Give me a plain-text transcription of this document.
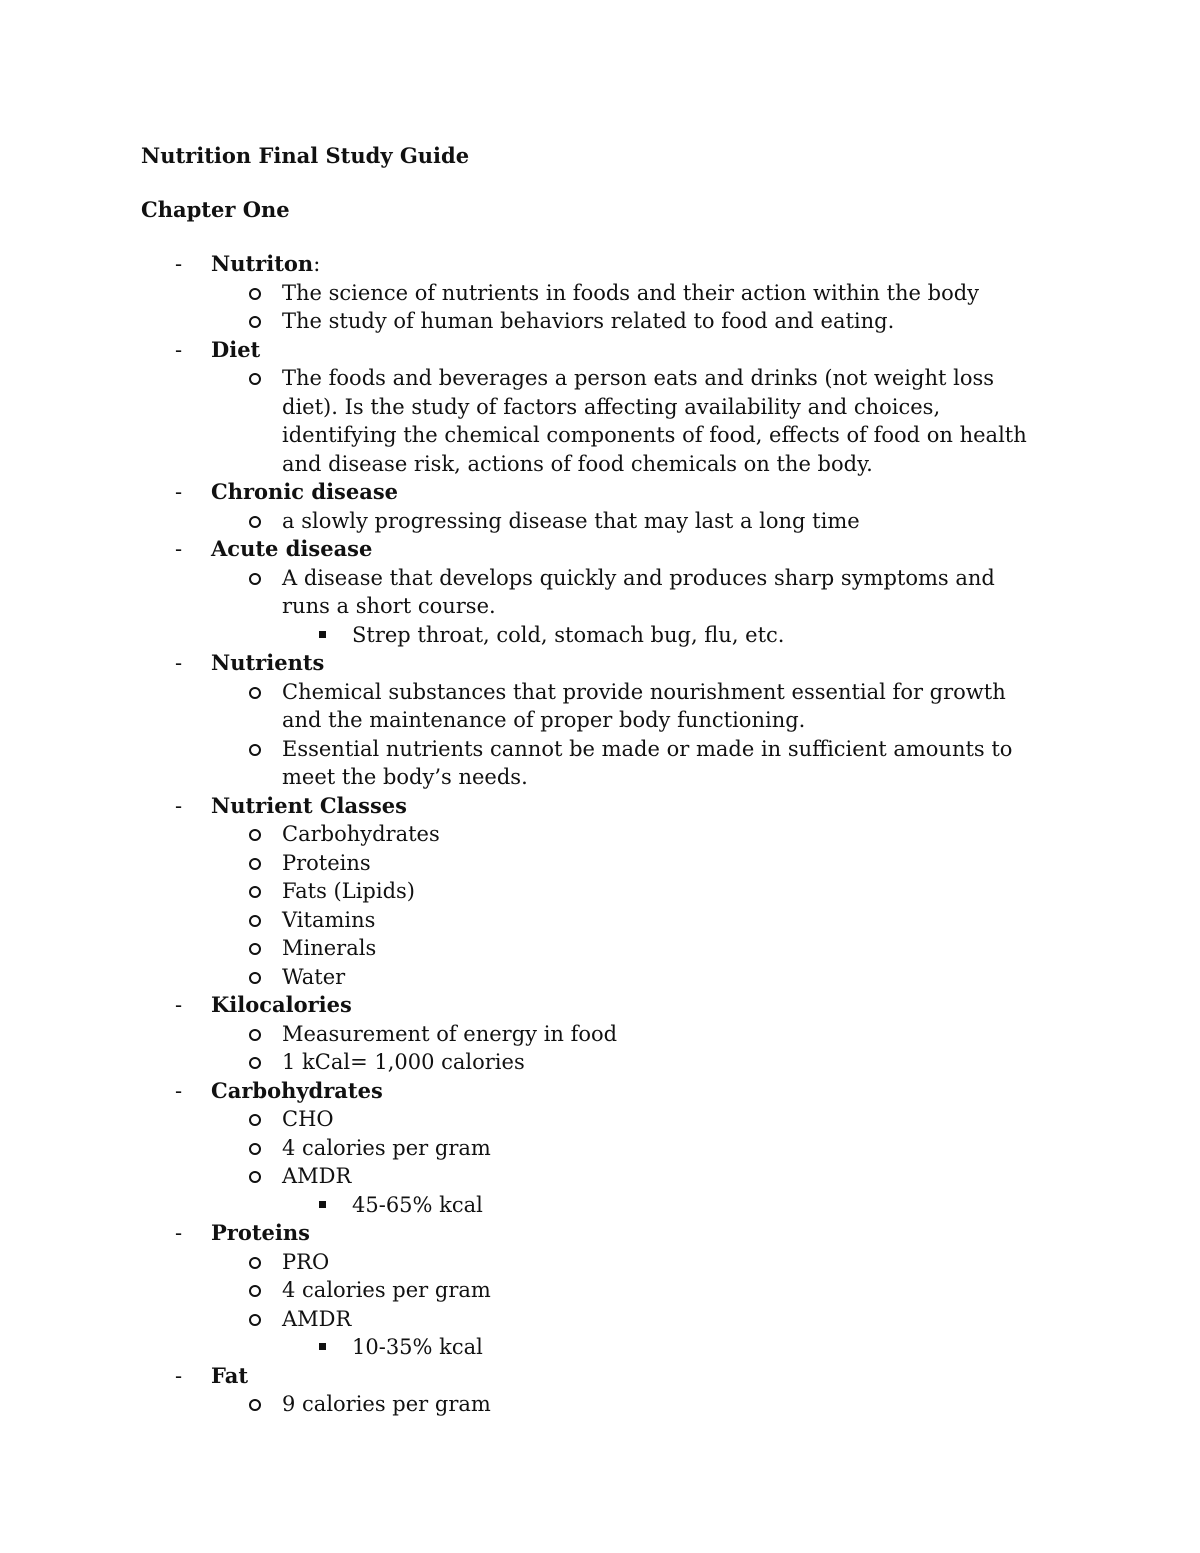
Nutrition Final Study Guide
Chapter One
- Nutriton:
The science of nutrients in foods and their action within the body
The study of human behaviors related to food and eating.
- Diet
The foods and beverages a person eats and drinks (not weight loss diet). Is the study of factors affecting availability and choices, identifying the chemical components of food, effects of food on health and disease risk, actions of food chemicals on the body.
- Chronic disease
a slowly progressing disease that may last a long time
- Acute disease
A disease that develops quickly and produces sharp symptoms and runs a short course.
Strep throat, cold, stomach bug, flu, etc.
- Nutrients
Chemical substances that provide nourishment essential for growth and the maintenance of proper body functioning.
Essential nutrients cannot be made or made in sufficient amounts to meet the body’s needs.
- Nutrient Classes
Carbohydrates
Proteins
Fats (Lipids)
Vitamins
Minerals
Water
- Kilocalories
Measurement of energy in food
1 kCal= 1,000 calories
- Carbohydrates
CHO
4 calories per gram
AMDR
45-65% kcal
- Proteins
PRO
4 calories per gram
AMDR
10-35% kcal
- Fat
9 calories per gram
